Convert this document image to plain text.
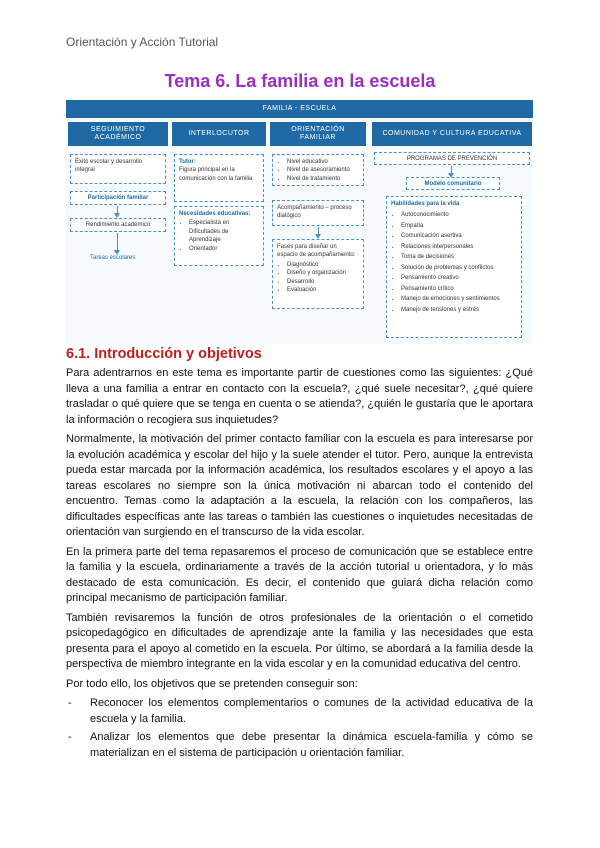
Orientación y Acción Tutorial
Tema 6. La familia en la escuela
FAMILIA - ESCUELA
SEGUIMIENTO ACADÉMICO
INTERLOCUTOR
ORIENTACIÓN FAMILIAR
COMUNIDAD Y CULTURA EDUCATIVA
Éxito escolar y desarrollo integral
Participación familiar
Rendimiento académico
Tareas escolares
Tutor:
Figura principal en la comunicación con la familia
Necesidades educativas:
• Especialista en Dificultades de Aprendizaje
• Orientador
• Nivel educativo
• Nivel de asesoramiento
• Nivel de tratamiento
Acompañamiento – proceso dialógico
Fases para diseñar un espacio de acompañamiento:
• Diagnóstico
• Diseño y organización
• Desarrollo
• Evaluación
PROGRAMAS DE PREVENCIÓN
Modelo comunitario
Habilidades para la vida
• Autoconocimiento
• Empatía
• Comunicación asertiva
• Relaciones interpersonales
• Toma de decisiones
• Solución de problemas y conflictos
• Pensamiento creativo
• Pensamiento crítico
• Manejo de emociones y sentimientos
• Manejo de tensiones y estrés
6.1. Introducción y objetivos

Para adentrarnos en este tema es importante partir de cuestiones como las siguientes: ¿Qué lleva a una familia a entrar en contacto con la escuela?, ¿qué suele necesitar?, ¿qué quiere trasladar o qué quiere que se tenga en cuenta o se atienda?, ¿quién le gustaría que le aportara la información o recogiera sus inquietudes?

Normalmente, la motivación del primer contacto familiar con la escuela es para interesarse por la evolución académica y escolar del hijo y la suele atender el tutor. Pero, aunque la entrevista pueda estar marcada por la información académica, los resultados escolares y el apoyo a las tareas escolares no siempre son la única motivación ni abarcan todo el contenido del encuentro. Temas como la adaptación a la escuela, la relación con los compañeros, las dificultades específicas ante las tareas o también las cuestiones o inquietudes necesitadas de orientación van surgiendo en el transcurso de la vida escolar.

En la primera parte del tema repasaremos el proceso de comunicación que se establece entre la familia y la escuela, ordinariamente a través de la acción tutorial u orientadora, y lo más destacado de esta comunicación. Es decir, el contenido que guiará dicha relación como principal mecanismo de participación familiar.

También revisaremos la función de otros profesionales de la orientación o el cometido psicopedagógico en dificultades de aprendizaje ante la familia y las necesidades que esta presenta para el apoyo al cometido en la escuela. Por último, se abordará a la familia desde la perspectiva de miembro integrante en la vida escolar y en la comunidad educativa del centro.

Por todo ello, los objetivos que se pretenden conseguir son:

- Reconocer los elementos complementarios o comunes de la actividad educativa de la escuela y la familia.
- Analizar los elementos que debe presentar la dinámica escuela-familia y cómo se materializan en el sistema de participación u orientación familiar.
